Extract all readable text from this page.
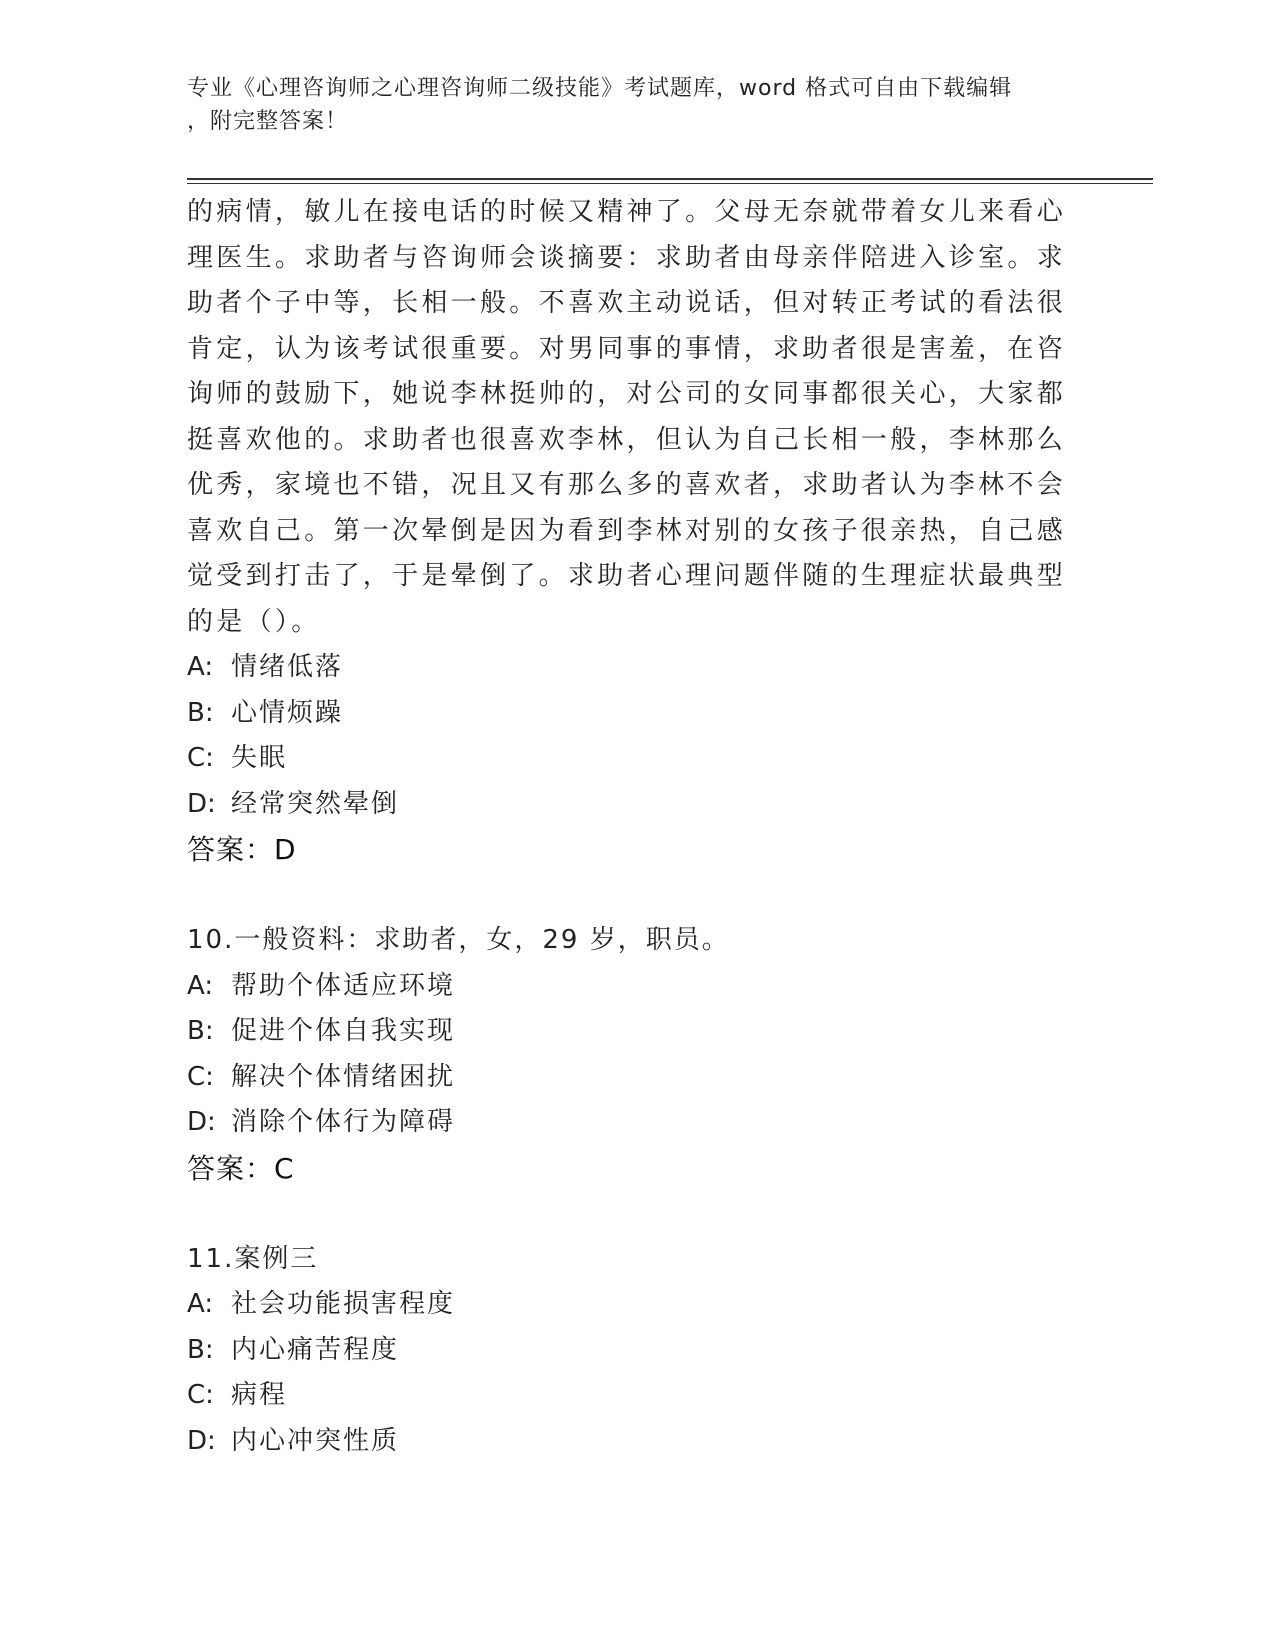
专业《心理咨询师之心理咨询师二级技能》考试题库，word 格式可自由下载编辑
，附完整答案！
的病情，敏儿在接电话的时候又精神了。父母无奈就带着女儿来看心
理医生。求助者与咨询师会谈摘要：求助者由母亲伴陪进入诊室。求
助者个子中等，长相一般。不喜欢主动说话，但对转正考试的看法很
肯定，认为该考试很重要。对男同事的事情，求助者很是害羞，在咨
询师的鼓励下，她说李林挺帅的，对公司的女同事都很关心，大家都
挺喜欢他的。求助者也很喜欢李林，但认为自己长相一般，李林那么
优秀，家境也不错，况且又有那么多的喜欢者，求助者认为李林不会
喜欢自己。第一次晕倒是因为看到李林对别的女孩子很亲热，自己感
觉受到打击了，于是晕倒了。求助者心理问题伴随的生理症状最典型
的是（）。
A: 情绪低落
B: 心情烦躁
C: 失眠
D: 经常突然晕倒
答案：D
10.一般资料：求助者，女，29 岁，职员。
A: 帮助个体适应环境
B: 促进个体自我实现
C: 解决个体情绪困扰
D: 消除个体行为障碍
答案：C
11.案例三
A: 社会功能损害程度
B: 内心痛苦程度
C: 病程
D: 内心冲突性质
